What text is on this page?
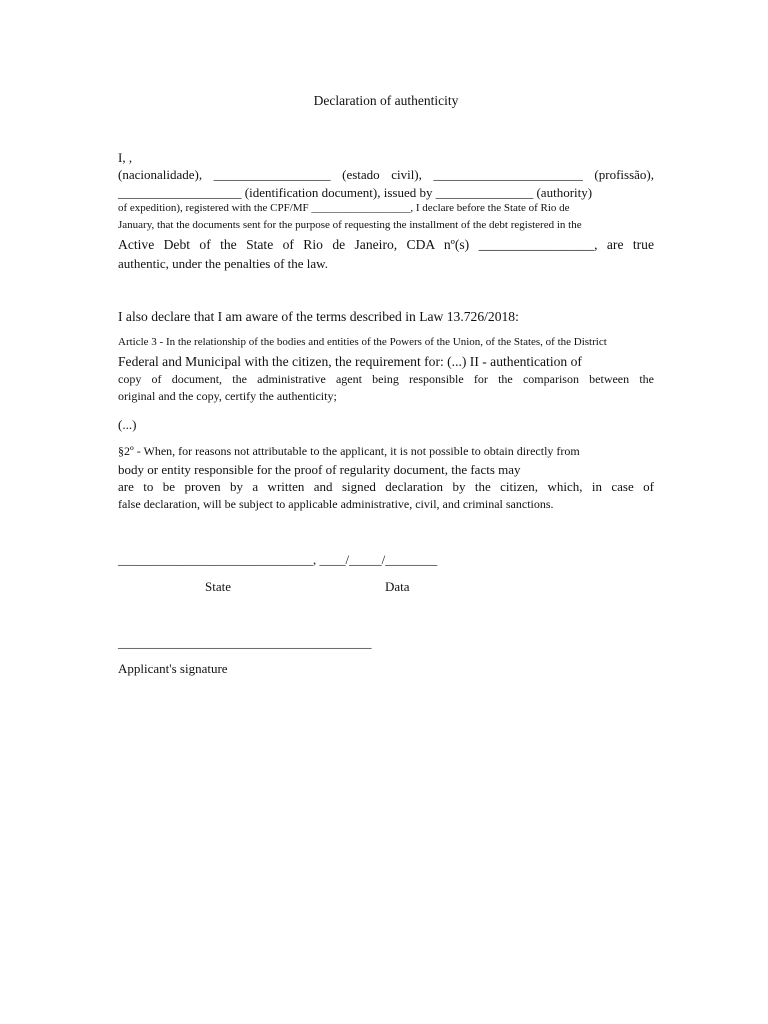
Declaration of authenticity
I, ,
(nacionalidade), __________________ (estado civil), _______________________ (profissão),
___________________ (identification document), issued by _______________ (authority)
of expedition), registered with the CPF/MF __________________, I declare before the State of Rio de
January, that the documents sent for the purpose of requesting the installment of the debt registered in the
Active Debt of the State of Rio de Janeiro, CDA nº(s) _________________, are true
authentic, under the penalties of the law.
I also declare that I am aware of the terms described in Law 13.726/2018:
Article 3 - In the relationship of the bodies and entities of the Powers of the Union, of the States, of the District
Federal and Municipal with the citizen, the requirement for: (...) II - authentication of
copy of document, the administrative agent being responsible for the comparison between the
original and the copy, certify the authenticity;
(...)
§2º - When, for reasons not attributable to the applicant, it is not possible to obtain directly from
body or entity responsible for the proof of regularity document, the facts may
are to be proven by a written and signed declaration by the citizen, which, in case of
false declaration, will be subject to applicable administrative, civil, and criminal sanctions.
______________________________, ____/_____/________
State	Data
_______________________________________
Applicant's signature
